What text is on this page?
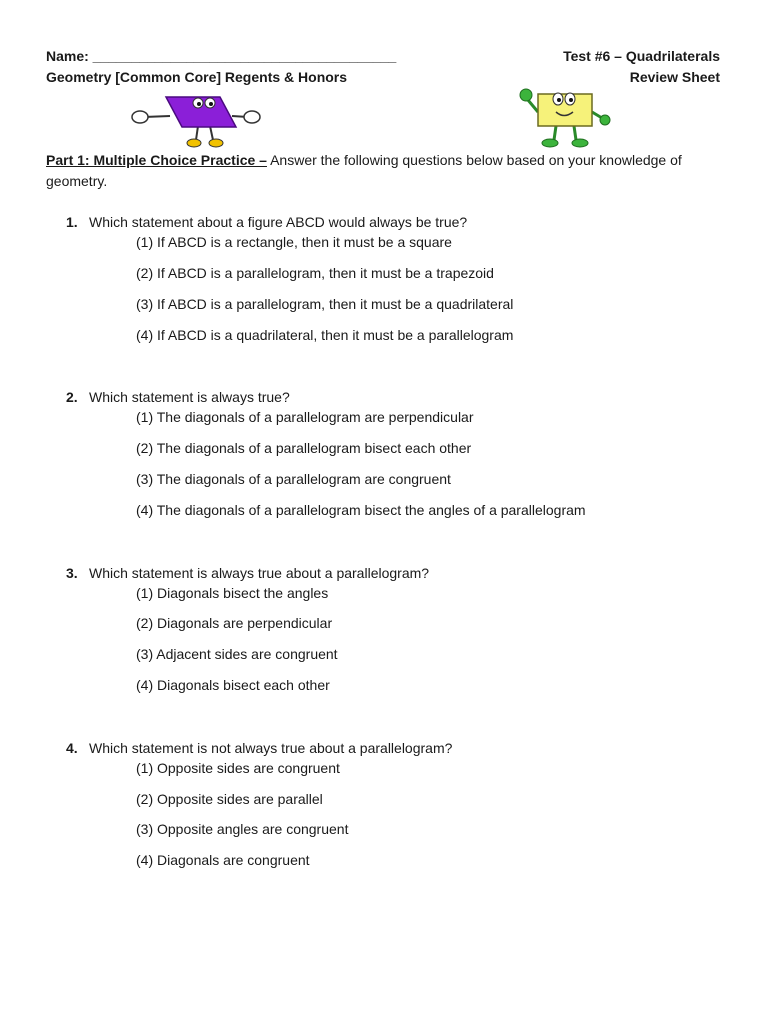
Name: _______________________________________	Test #6 – Quadrilaterals
Geometry [Common Core] Regents & Honors	Review Sheet
Part 1: Multiple Choice Practice – Answer the following questions below based on your knowledge of geometry.
1. Which statement about a figure ABCD would always be true?
(1) If ABCD is a rectangle, then it must be a square
(2) If ABCD is a parallelogram, then it must be a trapezoid
(3) If ABCD is a parallelogram, then it must be a quadrilateral
(4) If ABCD is a quadrilateral, then it must be a parallelogram
2. Which statement is always true?
(1) The diagonals of a parallelogram are perpendicular
(2) The diagonals of a parallelogram bisect each other
(3) The diagonals of a parallelogram are congruent
(4) The diagonals of a parallelogram bisect the angles of a parallelogram
3. Which statement is always true about a parallelogram?
(1) Diagonals bisect the angles
(2) Diagonals are perpendicular
(3) Adjacent sides are congruent
(4) Diagonals bisect each other
4. Which statement is not always true about a parallelogram?
(1) Opposite sides are congruent
(2) Opposite sides are parallel
(3) Opposite angles are congruent
(4) Diagonals are congruent
